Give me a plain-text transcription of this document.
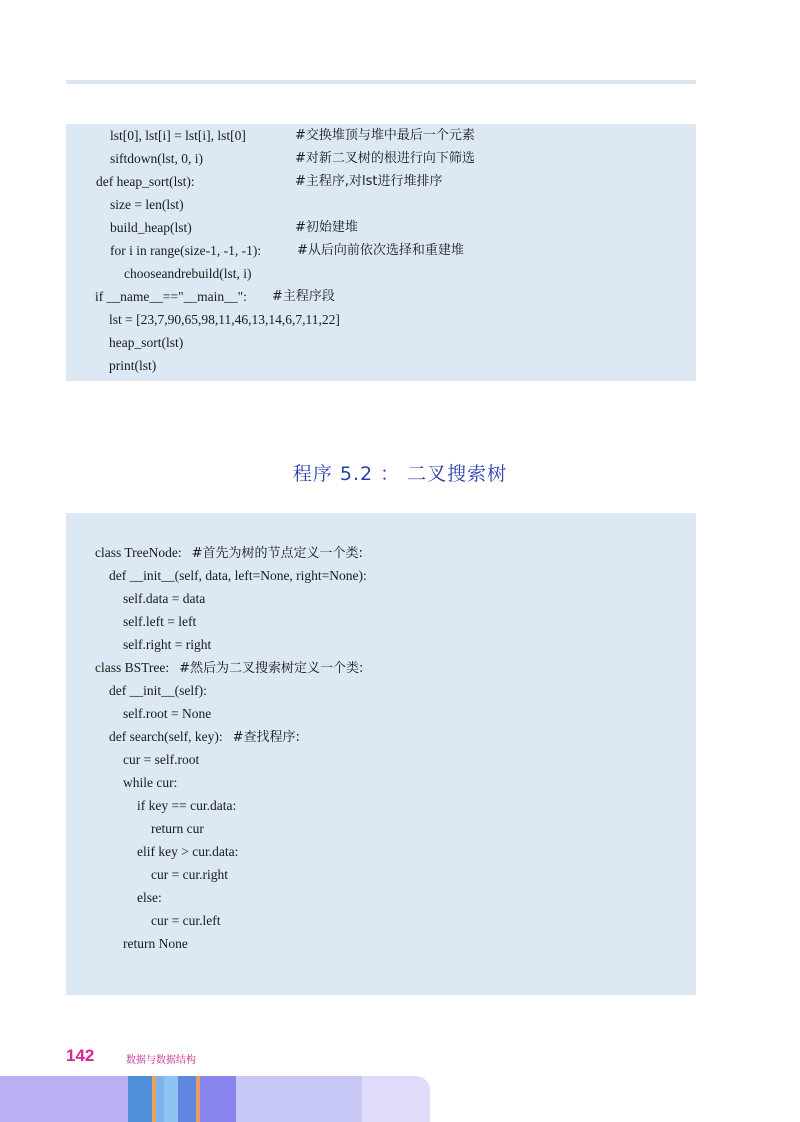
lst[0], lst[i] = lst[i], lst[0]	#交换堆顶与堆中最后一个元素
siftdown(lst, 0, i)	#对新二叉树的根进行向下筛选
def heap_sort(lst):	#主程序,对lst进行堆排序
size = len(lst)
build_heap(lst)	#初始建堆
for i in range(size-1, -1, -1):	#从后向前依次选择和重建堆
chooseandrebuild(lst, i)
if __name__=="__main__": #主程序段
lst = [23,7,90,65,98,11,46,13,14,6,7,11,22]
heap_sort(lst)
print(lst)
程序 5.2 ： 二叉搜索树
class TreeNode: #首先为树的节点定义一个类:
def __init__(self, data, left=None, right=None):
self.data = data
self.left = left
self.right = right
class BSTree: #然后为二叉搜索树定义一个类:
def __init__(self):
self.root = None
def search(self, key): #查找程序:
cur = self.root
while cur:
if key == cur.data:
return cur
elif key > cur.data:
cur = cur.right
else:
cur = cur.left
return None
142	数据与数据结构
